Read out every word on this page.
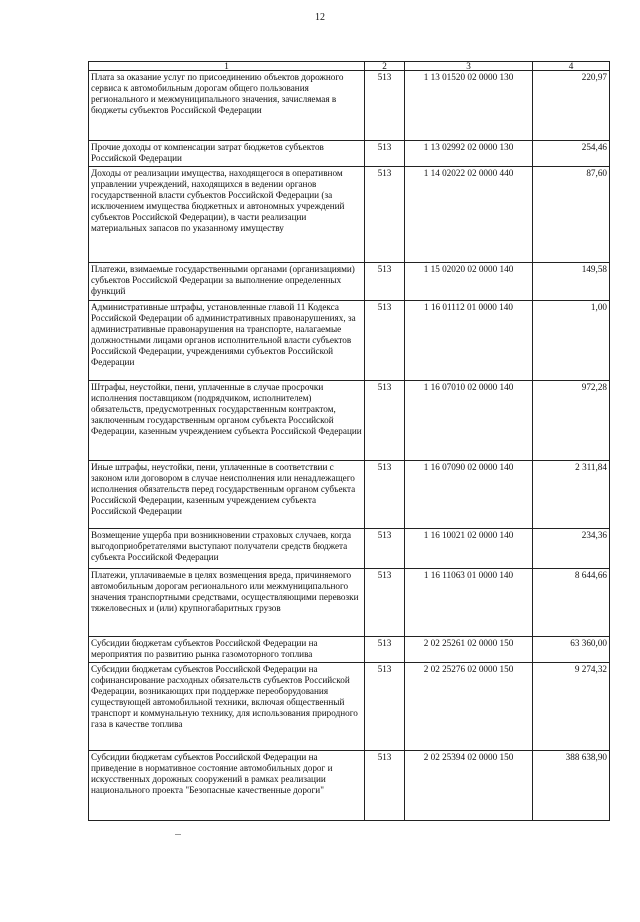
12
1	2	3	4
Плата за оказание услуг по присоединению объектов дорожного сервиса к автомобильным дорогам общего пользования регионального и межмуниципального значения, зачисляемая в бюджеты субъектов Российской Федерации	513	1 13 01520 02 0000 130	220,97
Прочие доходы от компенсации затрат бюджетов субъектов Российской Федерации	513	1 13 02992 02 0000 130	254,46
Доходы от реализации имущества, находящегося в оперативном управлении учреждений, находящихся в ведении органов государственной власти субъектов Российской Федерации (за исключением имущества бюджетных и автономных учреждений субъектов Российской Федерации), в части реализации материальных запасов по указанному имуществу	513	1 14 02022 02 0000 440	87,60
Платежи, взимаемые государственными органами (организациями) субъектов Российской Федерации за выполнение определенных функций	513	1 15 02020 02 0000 140	149,58
Административные штрафы, установленные главой 11 Кодекса Российской Федерации об административных правонарушениях, за административные правонарушения на транспорте, налагаемые должностными лицами органов исполнительной власти субъектов Российской Федерации, учреждениями субъектов Российской Федерации	513	1 16 01112 01 0000 140	1,00
Штрафы, неустойки, пени, уплаченные в случае просрочки исполнения поставщиком (подрядчиком, исполнителем) обязательств, предусмотренных государственным контрактом, заключенным государственным органом субъекта Российской Федерации, казенным учреждением субъекта Российской Федерации	513	1 16 07010 02 0000 140	972,28
Иные штрафы, неустойки, пени, уплаченные в соответствии с законом или договором в случае неисполнения или ненадлежащего исполнения обязательств перед государственным органом субъекта Российской Федерации, казенным учреждением субъекта Российской Федерации	513	1 16 07090 02 0000 140	2 311,84
Возмещение ущерба при возникновении страховых случаев, когда выгодоприобретателями выступают получатели средств бюджета субъекта Российской Федерации	513	1 16 10021 02 0000 140	234,36
Платежи, уплачиваемые в целях возмещения вреда, причиняемого автомобильным дорогам регионального или межмуниципального значения транспортными средствами, осуществляющими перевозки тяжеловесных и (или) крупногабаритных грузов	513	1 16 11063 01 0000 140	8 644,66
Субсидии бюджетам субъектов Российской Федерации на мероприятия по развитию рынка газомоторного топлива	513	2 02 25261 02 0000 150	63 360,00
Субсидии бюджетам субъектов Российской Федерации на софинансирование расходных обязательств субъектов Российской Федерации, возникающих при поддержке переоборудования существующей автомобильной техники, включая общественный транспорт и коммунальную технику, для использования природного газа в качестве топлива	513	2 02 25276 02 0000 150	9 274,32
Субсидии бюджетам субъектов Российской Федерации на приведение в нормативное состояние автомобильных дорог и искусственных дорожных сооружений в рамках реализации национального проекта "Безопасные качественные дороги"	513	2 02 25394 02 0000 150	388 638,90
